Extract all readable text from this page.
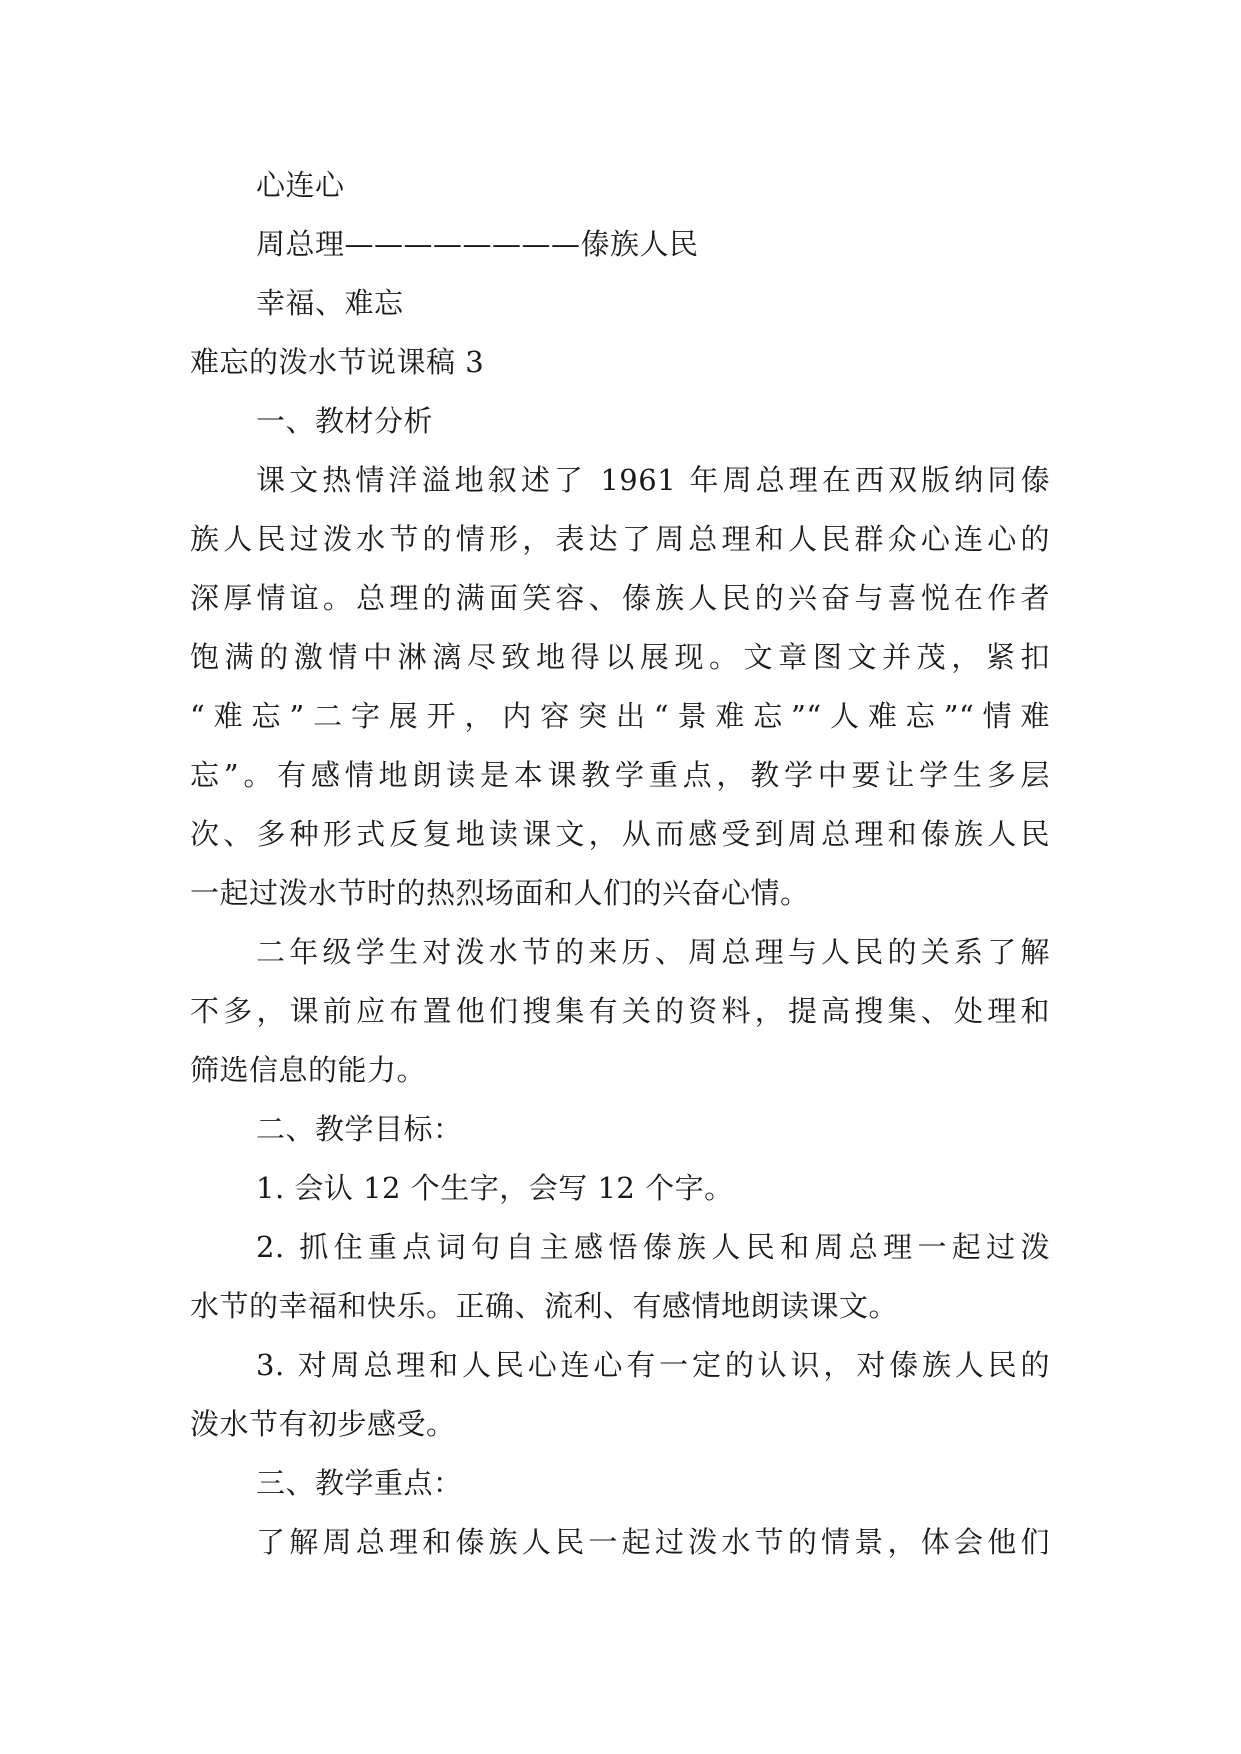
心连心
周总理————————傣族人民
幸福、难忘
难忘的泼水节说课稿 3
一、教材分析
课文热情洋溢地叙述了 1961 年周总理在西双版纳同傣
族人民过泼水节的情形，表达了周总理和人民群众心连心的
深厚情谊。总理的满面笑容、傣族人民的兴奋与喜悦在作者
饱满的激情中淋漓尽致地得以展现。文章图文并茂，紧扣
“难忘”二字展开，内容突出“景难忘”“人难忘”“情难
忘”。有感情地朗读是本课教学重点，教学中要让学生多层
次、多种形式反复地读课文，从而感受到周总理和傣族人民
一起过泼水节时的热烈场面和人们的兴奋心情。
二年级学生对泼水节的来历、周总理与人民的关系了解
不多，课前应布置他们搜集有关的资料，提高搜集、处理和
筛选信息的能力。
二、教学目标：
1. 会认 12 个生字，会写 12 个字。
2. 抓住重点词句自主感悟傣族人民和周总理一起过泼
水节的幸福和快乐。正确、流利、有感情地朗读课文。
3. 对周总理和人民心连心有一定的认识，对傣族人民的
泼水节有初步感受。
三、教学重点：
了解周总理和傣族人民一起过泼水节的情景，体会他们
